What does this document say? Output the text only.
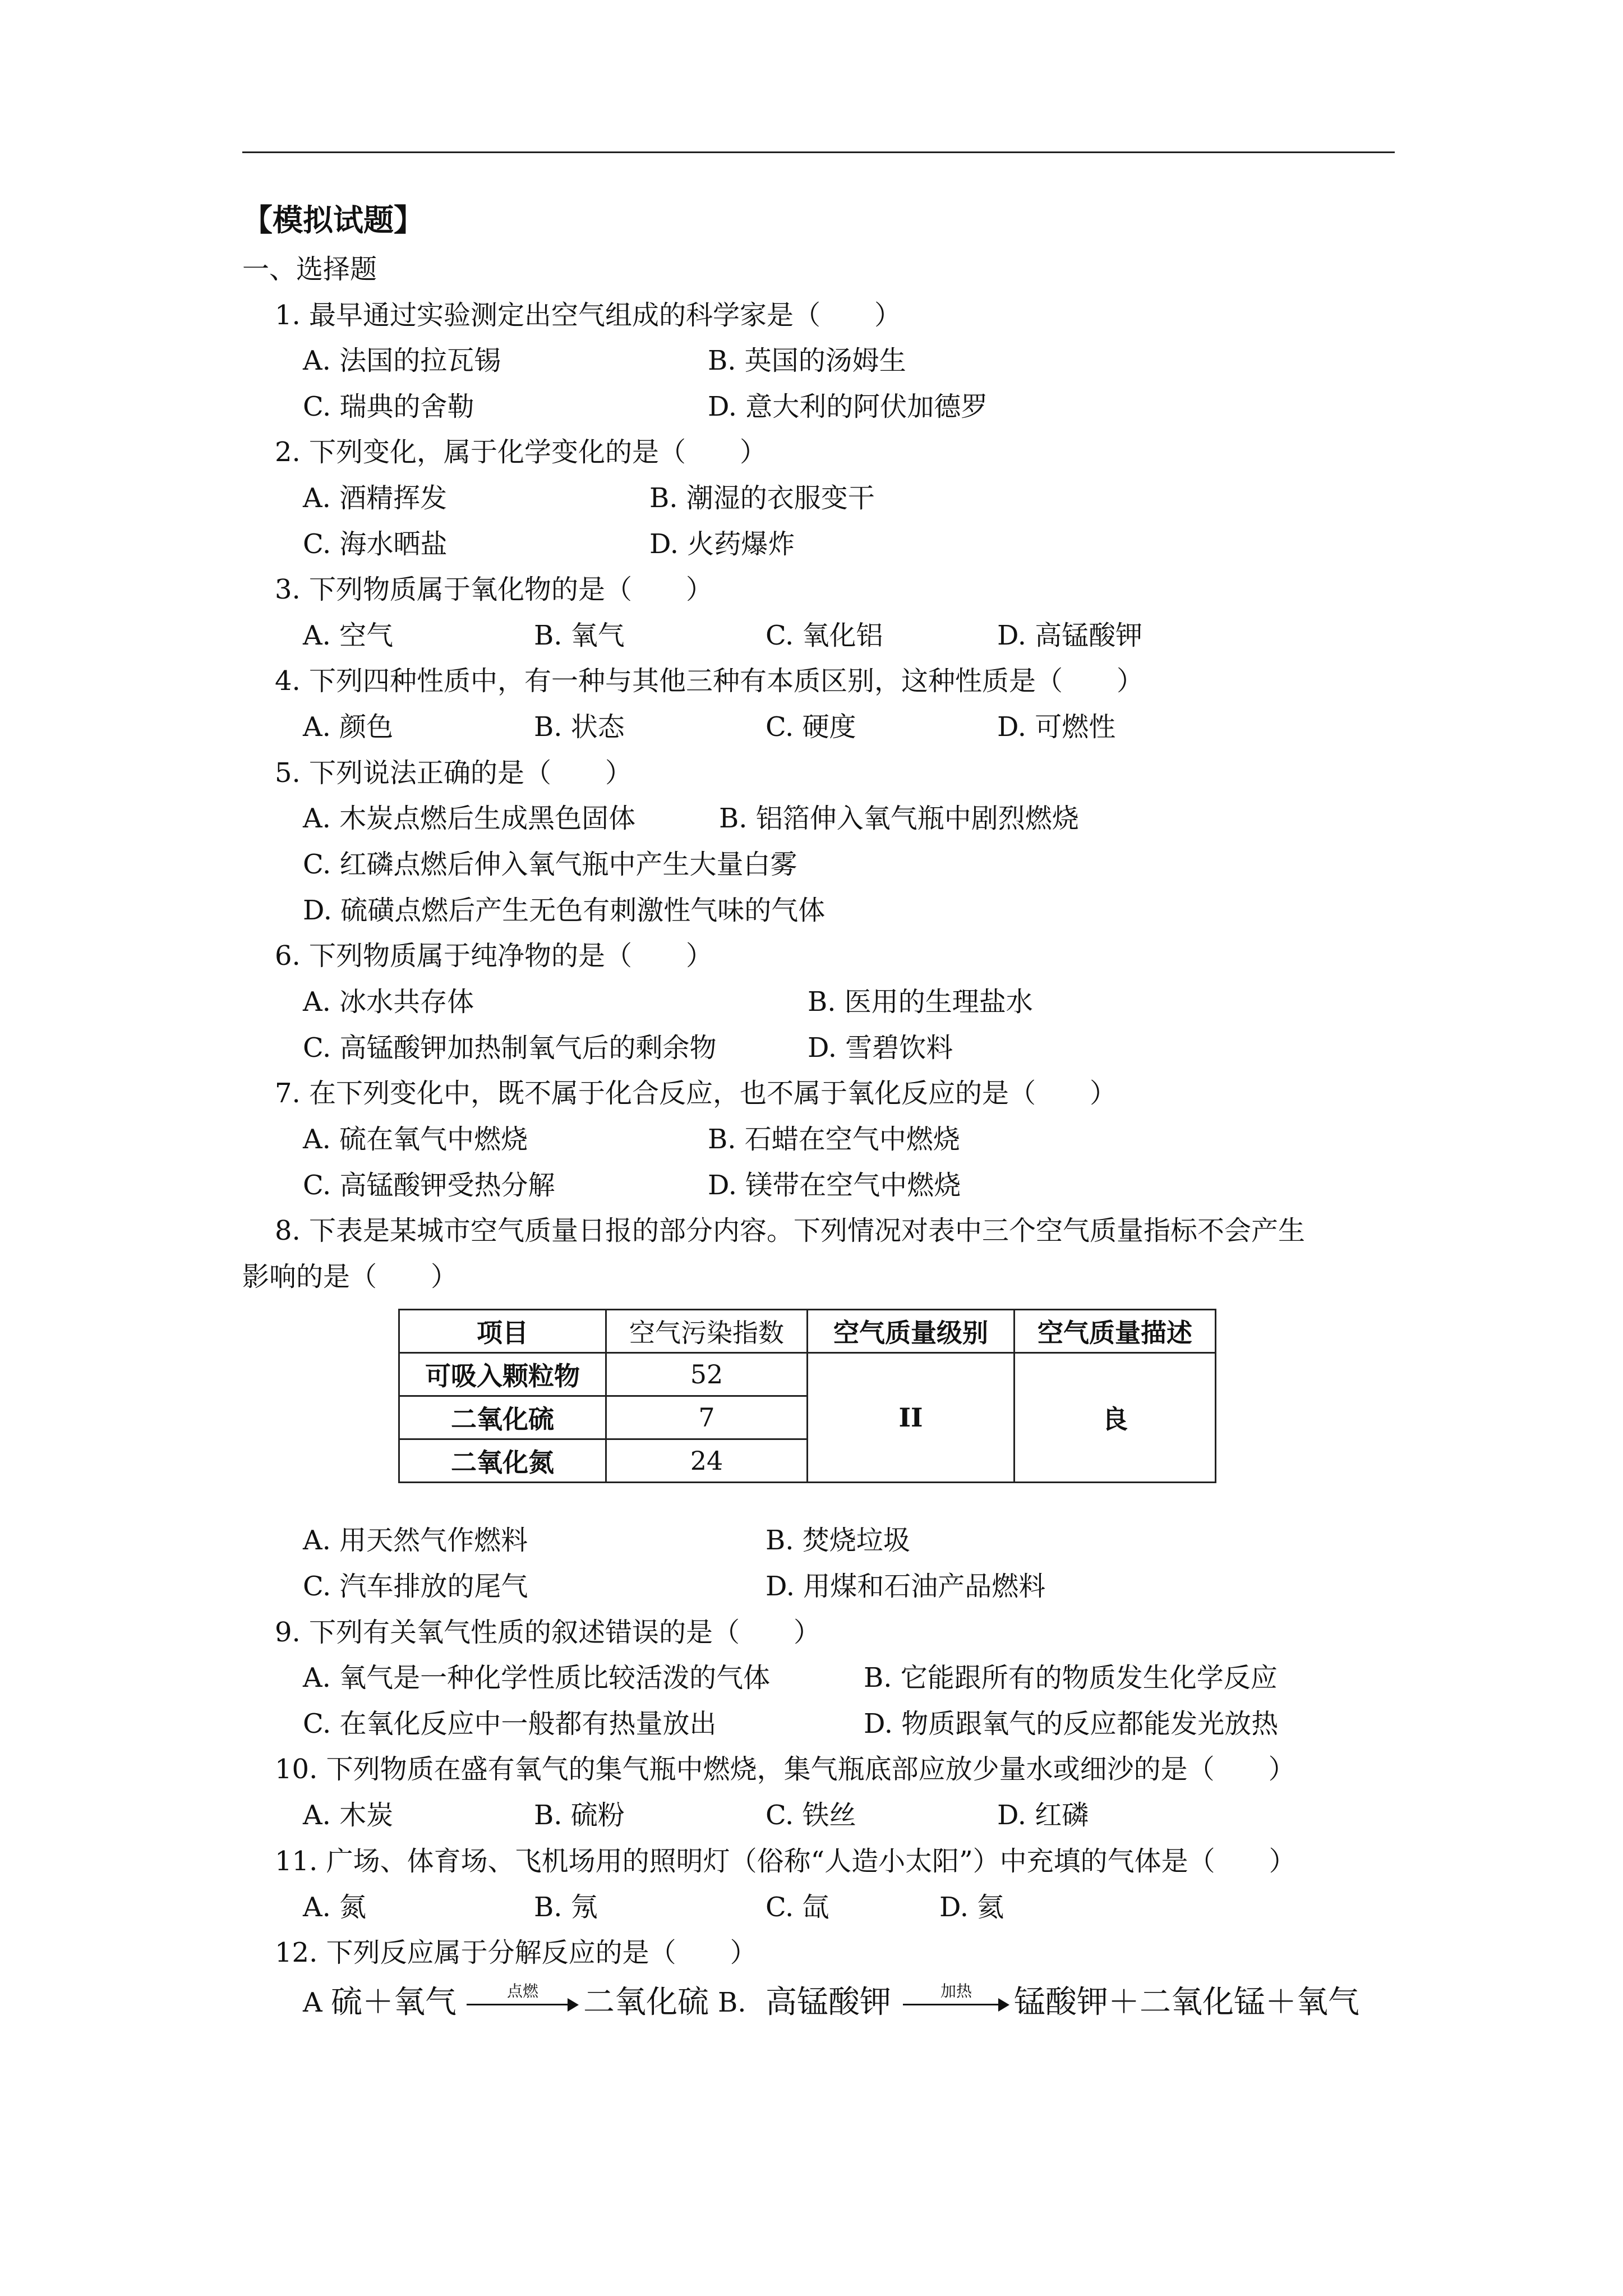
【模拟试题】
一、选择题
1. 最早通过实验测定出空气组成的科学家是（　　）
A. 法国的拉瓦锡	B. 英国的汤姆生
C. 瑞典的舍勒	D. 意大利的阿伏加德罗
2. 下列变化，属于化学变化的是（　　）
A. 酒精挥发	B. 潮湿的衣服变干
C. 海水晒盐	D. 火药爆炸
3. 下列物质属于氧化物的是（　　）
A. 空气	B. 氧气	C. 氧化铝	D. 高锰酸钾
4. 下列四种性质中，有一种与其他三种有本质区别，这种性质是（　　）
A. 颜色	B. 状态	C. 硬度	D. 可燃性
5. 下列说法正确的是（　　）
A. 木炭点燃后生成黑色固体	B. 铝箔伸入氧气瓶中剧烈燃烧
C. 红磷点燃后伸入氧气瓶中产生大量白雾
D. 硫磺点燃后产生无色有刺激性气味的气体
6. 下列物质属于纯净物的是（　　）
A. 冰水共存体	B. 医用的生理盐水
C. 高锰酸钾加热制氧气后的剩余物	D. 雪碧饮料
7. 在下列变化中，既不属于化合反应，也不属于氧化反应的是（　　）
A. 硫在氧气中燃烧	B. 石蜡在空气中燃烧
C. 高锰酸钾受热分解	D. 镁带在空气中燃烧
8. 下表是某城市空气质量日报的部分内容。下列情况对表中三个空气质量指标不会产生
影响的是（　　）
项目	空气污染指数	空气质量级别	空气质量描述
可吸入颗粒物	52	II	良
二氧化硫	7		
二氧化氮	24		
A. 用天然气作燃料	B. 焚烧垃圾
C. 汽车排放的尾气	D. 用煤和石油产品燃料
9. 下列有关氧气性质的叙述错误的是（　　）
A. 氧气是一种化学性质比较活泼的气体	B. 它能跟所有的物质发生化学反应
C. 在氧化反应中一般都有热量放出	D. 物质跟氧气的反应都能发光放热
10. 下列物质在盛有氧气的集气瓶中燃烧，集气瓶底部应放少量水或细沙的是（　　）
A. 木炭	B. 硫粉	C. 铁丝	D. 红磷
11. 广场、体育场、飞机场用的照明灯（俗称“人造小太阳”）中充填的气体是（　　）
A. 氮	B. 氖	C. 氙	D. 氦
12. 下列反应属于分解反应的是（　　）
A 硫＋氧气	点燃	二氧化硫 B. 高锰酸钾	加热	锰酸钾＋二氧化锰＋氧气
